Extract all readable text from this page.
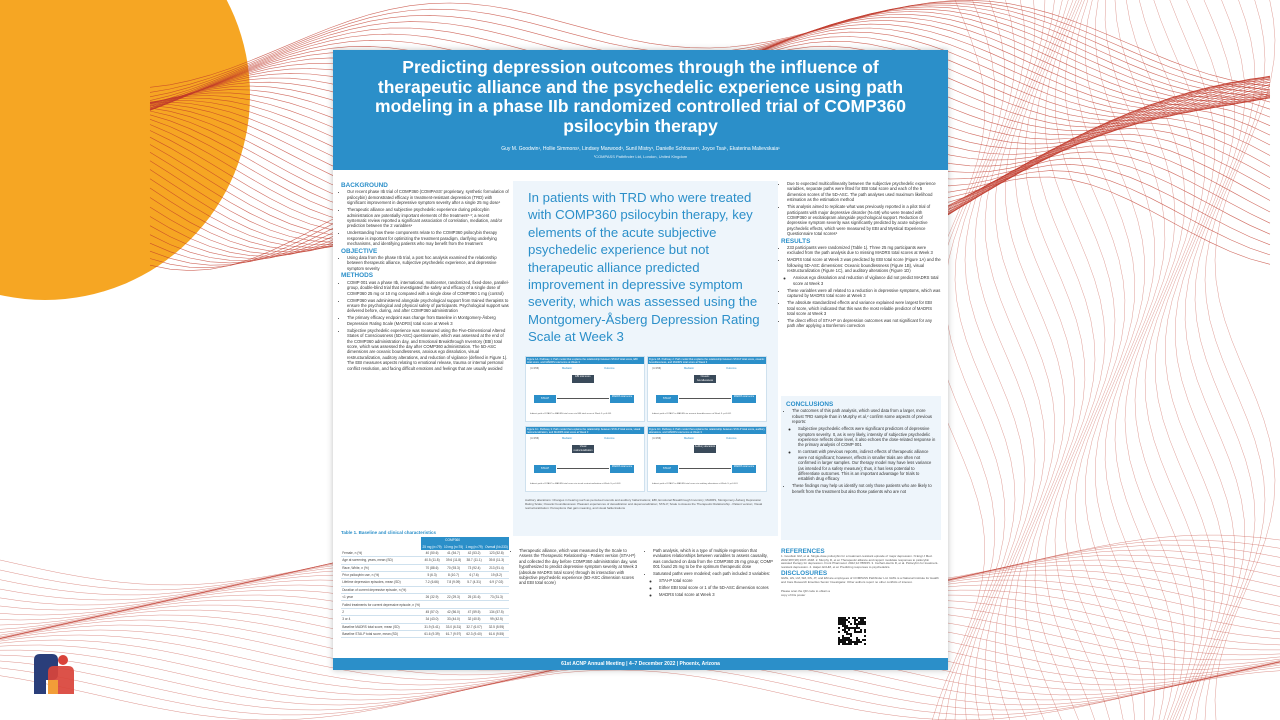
Predicting depression outcomes through the influence of therapeutic alliance and the psychedelic experience using path modeling in a phase IIb randomized controlled trial of COMP360 psilocybin therapy
Guy M. Goodwin¹, Hollie Simmons¹, Lindsey Marwood¹, Sunil Mistry¹, Danielle Schlosser¹, Joyce Tsai¹, Ekaterina Malievskaia¹
¹COMPASS Pathfinder Ltd, London, United Kingdom
BACKGROUND
• Our recent phase IIb trial of COMP360 (COMPASS' proprietary, synthetic formulation of psilocybin) demonstrated efficacy in treatment-resistant depression (TRD) with significant improvement in depressive symptom severity after a single 25 mg dose¹
• Therapeutic alliance and subjective psychedelic experience during psilocybin administration are potentially important elements of the treatment²·³; a recent systematic review reported a significant association of correlation, mediation, and/or prediction between the 2 variables⁴
• Understanding how these components relate to the COMP360 psilocybin therapy response is important for optimizing the treatment paradigm, clarifying underlying mechanisms, and identifying patients who may benefit from the treatment
OBJECTIVE
• Using data from the phase IIb trial, a post hoc analysis examined the relationship between therapeutic alliance, subjective psychedelic experience, and depressive symptom severity
METHODS
• COMP 001 was a phase IIb, international, multicenter, randomized, fixed-dose, parallel-group, double-blind trial that investigated the safety and efficacy of a single dose of COMP360 25 mg or 10 mg compared with a single dose of COMP360 1 mg (control)
• COMP360 was administered alongside psychological support from trained therapists to ensure the psychological and physical safety of participants. Psychological support was delivered before, during, and after COMP360 administration
• The primary efficacy endpoint was change from Baseline in Montgomery-Åsberg Depression Rating Scale (MADRS) total score at Week 3
• Subjective psychedelic experience was measured using the Five-Dimensional Altered States of Consciousness (5D-ASC) questionnaire, which was assessed at the end of the COMP360 administration day, and Emotional Breakthrough Inventory (EBI) total score, which was assessed the day after COMP360 administration. The 5D-ASC dimensions are oceanic boundlessness, anxious ego dissolution, visual restructuralization, auditory alterations, and reduction of vigilance (defined in Figure 1). The EBI measures aspects relating to emotional release, trauma or internal personal conflict resolution, and facing difficult emotions and feelings that are usually avoided
Table 1. Baseline and clinical characteristics
	COMP360			
	25 mg (n=79)	10 mg (n=75)	1 mg (n=79)	Overall (N=233)
Female, n (%)	40 (50.6)	41 (54.7)	42 (53.2)	123 (52.8)
Age at screening, years, mean (SD)	40.5 (11.8)	39.6 (11.8)	38.7 (11.1)	39.8 (11.3)
Race, White, n (%)	70 (88.6)	70 (93.3)	73 (92.4)	213 (91.4)
Prior psilocybin use, n (%)	5 (6.3)	8 (10.7)	6 (7.6)	19 (8.2)
Lifetime depression episodes, mean (SD)	7.2 (6.66)	7.8 (9.09)	5.7 (4.31)	6.9 (7.02)
Duration of current depressive episode, n (%)				
<1 year	26 (32.9)	22 (29.3)	25 (31.6)	73 (31.3)
Failed treatments for current depressive episode, n (%)				
2	45 (57.0)	42 (56.0)	47 (59.5)	134 (57.5)
3 or 4	34 (43.0)	33 (44.0)	32 (40.5)	99 (42.5)
Baseline MADRS total score, mean (SD)	31.9 (5.41)	33.0 (6.31)	32.7 (6.07)	32.5 (5.95)
Baseline STAI-P total score, mean (SD)	61.6 (9.39)	61.7 (9.97)	62.3 (9.40)	61.6 (9.55)
In patients with TRD who were treated with COMP360 psilocybin therapy, key elements of the acute subjective psychedelic experience but not therapeutic alliance predicted improvement in depressive symptom severity, which was assessed using the Montgomery-Åsberg Depression Rating Scale at Week 3
Figure 1A. Pathway 1: Path model that explains the relationship between STAI-P total score, EBI total score, and MADRS total score at Week 3
(n=156)	Mediator	Outcome
EBI total score
STAI-P
MADRS total score
Indirect path of STAI-P to MADRS total score via EBI total score at Week 3: p<0.001
Figure 1B. Pathway 2: Path model that explains the relationship between STAI-P total score, oceanic boundlessness, and MADRS total score at Week 3
(n=156)	Mediator	Outcome
Oceanic boundlessness
STAI-P
MADRS total score
Indirect path of STAI-P to MADRS via oceanic boundlessness at Week 3: p<0.001
Figure 1C. Pathway 3: Path model that explains the relationship between STAI-P total score, visual restructuralization, and MADRS total score at Week 3
(n=156)	Mediator	Outcome
Visual restructuralization
STAI-P
MADRS total score
Indirect path of STAI-P to MADRS total score via visual restructuralization at Week 3: p<0.001
Figure 1D. Pathway 4: Path model that explains the relationship between STAI-P total score, auditory alterations, and MADRS total score at Week 3
(n=156)	Mediator	Outcome
Auditory alterations
STAI-P
MADRS total score
Indirect path of STAI-P to MADRS total score via auditory alterations at Week 3: p<0.001
Auditory alterations: Changes in hearing such as perceived sounds and auditory hallucinations; EBI, Emotional Breakthrough Inventory; MADRS, Montgomery-Åsberg Depression Rating Scale; Oceanic boundlessness: Pleasant experiences of derealization and depersonalization; STAI-P, Scale to Assess the Therapeutic Relationship - Patient version; Visual restructuralization: Perceptions that gain meaning, and visual hallucinations
• Therapeutic alliance, which was measured by the Scale to Assess the Therapeutic Relationship - Patient version (STAI-P) and collected the day before COMP360 administration day, was hypothesized to predict depressive symptom severity at Week 3 (absolute MADRS total score) through its interaction with subjective psychedelic experience (5D-ASC dimension scores and EBI total score)
• Path analysis, which is a type of multiple regression that evaluates relationships between variables to assess causality, was conducted on data from the COMP360 25 mg group; COMP 001 found 25 mg to be the optimum therapeutic dose
• Saturated paths were modeled; each path included 3 variables:
◦ STAI-P total score
◦ Either EBI total score or 1 of the 5D-ASC dimension scores
◦ MADRS total score at Week 3
• Due to expected multicollinearity between the subjective psychedelic experience variables, separate paths were fitted for EBI total score and each of the 5 dimension scores of the 5D-ASC. The path analyses used maximum likelihood estimation as the estimation method
• This analysis aimed to replicate what was previously reported in a pilot trial of participants with major depressive disorder (N=59) who were treated with COMP360 or escitalopram alongside psychological support. Reduction of depressive symptom severity was significantly predicted by acute subjective psychedelic effects, which were measured by EBI and Mystical Experience Questionnaire total scores⁵
RESULTS
• 233 participants were randomized (Table 1). Three 25 mg participants were excluded from the path analysis due to missing MADRS total scores at Week 3
• MADRS total score at Week 3 was predicted by EBI total score (Figure 1A) and the following 5D-ASC dimensions: Oceanic boundlessness (Figure 1B), visual restructuralization (Figure 1C), and auditory alterations (Figure 1D)
◦ Anxious ego dissolution and reduction of vigilance did not predict MADRS total score at Week 3
• These variables were all related to a reduction in depressive symptoms, which was captured by MADRS total score at Week 3
• The absolute standardized effects and variance explained were largest for EBI total score, which indicated that this was the most reliable predictor of MADRS total score at Week 3
• The direct effect of STAI-P on depression outcomes was not significant for any path after applying a Bonferroni correction
CONCLUSIONS
• The outcomes of this path analysis, which used data from a larger, more robust TRD sample than in Murphy et al,² confirm some aspects of previous reports:
◦ Subjective psychedelic effects were significant predictors of depressive symptom severity. It, as is very likely, intensity of subjective psychedelic experience reflects dose level, it also echoes the dose-related response in the primary analysis of COMP 001
◦ In contrast with previous reports, indirect effects of therapeutic alliance were not significant; however, effects in smaller trials are often not confirmed in larger samples. Our therapy model may have less variance (as intended for a safety measure); thus, it has less potential to differentiate outcomes. This is an important advantage for trials to establish drug efficacy
• These findings may help us identify not only those patients who are likely to benefit from the treatment but also those patients who are not
REFERENCES
1. Goodwin GM, et al. Single-dose psilocybin for a treatment-resistant episode of major depression. N Engl J Med. 2022;387(18):1637-1648. 2. Murphy R, et al. Therapeutic alliance and rapport modulate responses to psilocybin assisted therapy for depression. Front Pharmacol. 2022;12:788155. 3. Carhart-Harris R, et al. Psilocybin for treatment-resistant depression. 4. Haijen ECHM, et al. Predicting responses to psychedelics.
DISCLOSURES
GMG, HS, LM, SM, DS, JT, and EM are employees of COMPASS Pathfinder Ltd. GMG is a National Institute for Health and Care Research Emeritus Senior Investigator. Other authors report no other conflicts of interest.
Please scan the QR code to obtain a copy of this poster
61st ACNP Annual Meeting | 4–7 December 2022 | Phoenix, Arizona
